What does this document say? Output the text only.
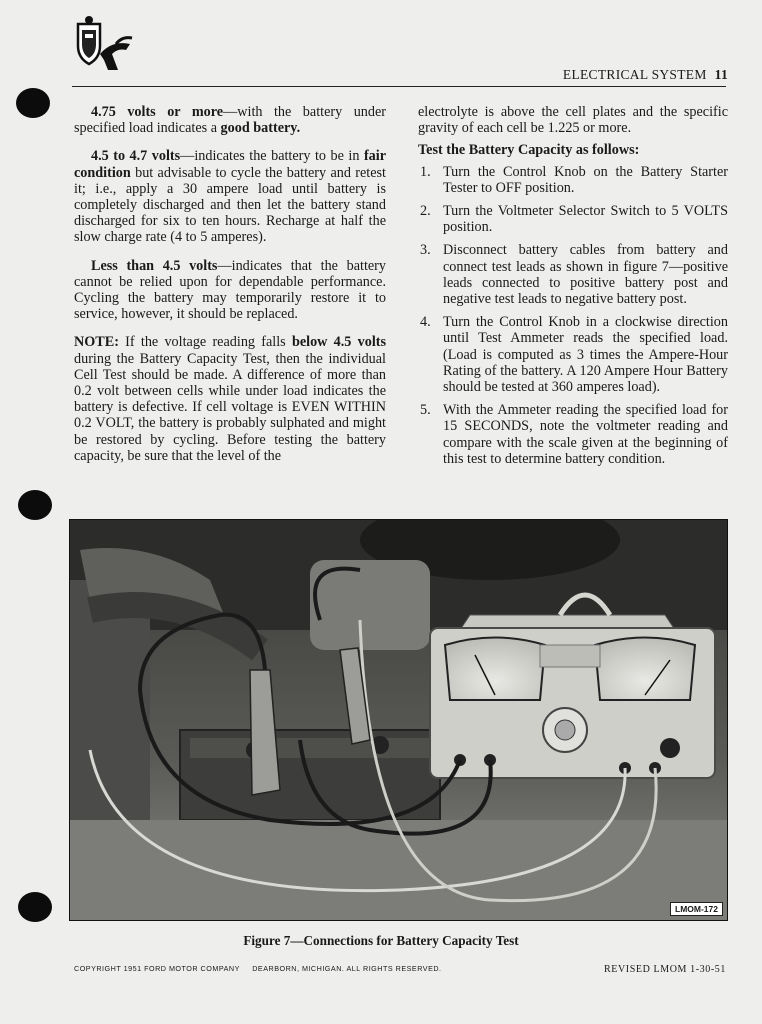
ELECTRICAL SYSTEM 11

4.75 volts or more—with the battery under specified load indicates a good battery.

4.5 to 4.7 volts—indicates the battery to be in fair condition but advisable to cycle the battery and retest it; i.e., apply a 30 ampere load until battery is completely discharged and then let the battery stand discharged for six to ten hours. Recharge at half the slow charge rate (4 to 5 amperes).

Less than 4.5 volts—indicates that the battery cannot be relied upon for dependable performance. Cycling the battery may temporarily restore it to service, however, it should be replaced.

NOTE: If the voltage reading falls below 4.5 volts during the Battery Capacity Test, then the individual Cell Test should be made. A difference of more than 0.2 volt between cells while under load indicates the battery is defective. If cell voltage is EVEN WITHIN 0.2 VOLT, the battery is probably sulphated and might be restored by cycling. Before testing the battery capacity, be sure that the level of the

electrolyte is above the cell plates and the specific gravity of each cell be 1.225 or more.

Test the Battery Capacity as follows:
1. Turn the Control Knob on the Battery Starter Tester to OFF position.
2. Turn the Voltmeter Selector Switch to 5 VOLTS position.
3. Disconnect battery cables from battery and connect test leads as shown in figure 7—positive leads connected to positive battery post and negative test leads to negative battery post.
4. Turn the Control Knob in a clockwise direction until Test Ammeter reads the specified load. (Load is computed as 3 times the Ampere-Hour Rating of the battery. A 120 Ampere Hour Battery should be tested at 360 amperes load).
5. With the Ammeter reading the specified load for 15 SECONDS, note the voltmeter reading and compare with the scale given at the beginning of this test to determine battery condition.
LMOM-172
Figure 7—Connections for Battery Capacity Test
COPYRIGHT 1951 FORD MOTOR COMPANY     DEARBORN, MICHIGAN. ALL RIGHTS RESERVED.	REVISED LMOM 1-30-51
